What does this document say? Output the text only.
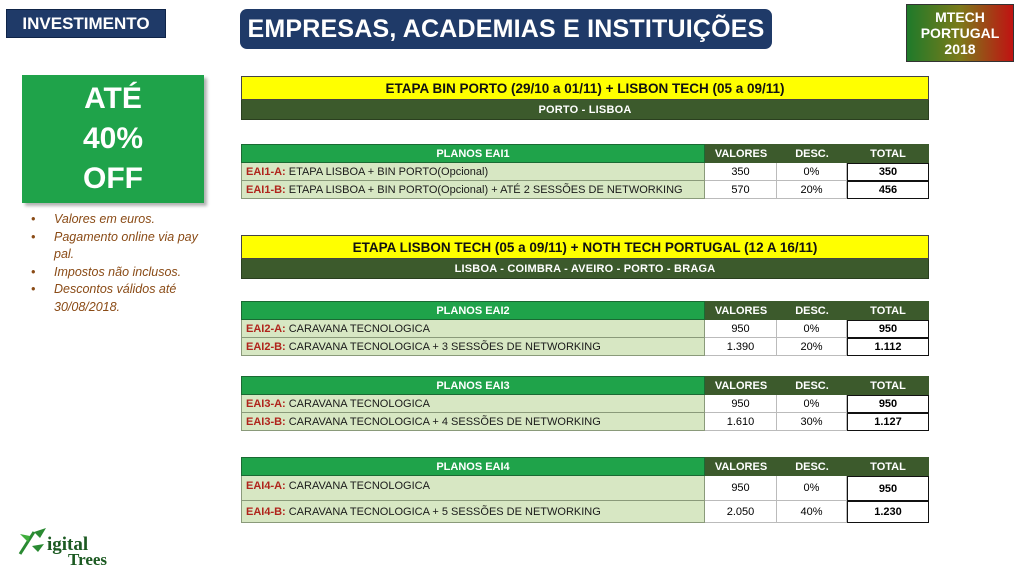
INVESTIMENTO	EMPRESAS, ACADEMIAS E INSTITUIÇÕES	MTECH
PORTUGAL
2018
ATÉ
40%
OFF
• Valores em euros.
• Pagamento online via pay pal.
• Impostos não inclusos.
• Descontos válidos até 30/08/2018.
igital
Trees
ETAPA BIN PORTO (29/10 a 01/11) + LISBON TECH (05 a 09/11)
PORTO - LISBOA
PLANOS EAI1	VALORES	DESC.	TOTAL
EAI1-A: ETAPA LISBOA + BIN PORTO(Opcional)	350	0%	350
EAI1-B: ETAPA LISBOA + BIN PORTO(Opcional) + ATÉ 2 SESSÕES DE NETWORKING	570	20%	456
ETAPA LISBON TECH (05 a 09/11) + NOTH TECH PORTUGAL (12 A 16/11)
LISBOA - COIMBRA - AVEIRO - PORTO - BRAGA
PLANOS EAI2	VALORES	DESC.	TOTAL
EAI2-A: CARAVANA TECNOLOGICA	950	0%	950
EAI2-B: CARAVANA TECNOLOGICA + 3 SESSÕES DE NETWORKING	1.390	20%	1.112
PLANOS EAI3	VALORES	DESC.	TOTAL
EAI3-A: CARAVANA TECNOLOGICA	950	0%	950
EAI3-B: CARAVANA TECNOLOGICA + 4 SESSÕES DE NETWORKING	1.610	30%	1.127
PLANOS EAI4	VALORES	DESC.	TOTAL
EAI4-A: CARAVANA TECNOLOGICA	950	0%	950
EAI4-B: CARAVANA TECNOLOGICA + 5 SESSÕES DE NETWORKING	2.050	40%	1.230
